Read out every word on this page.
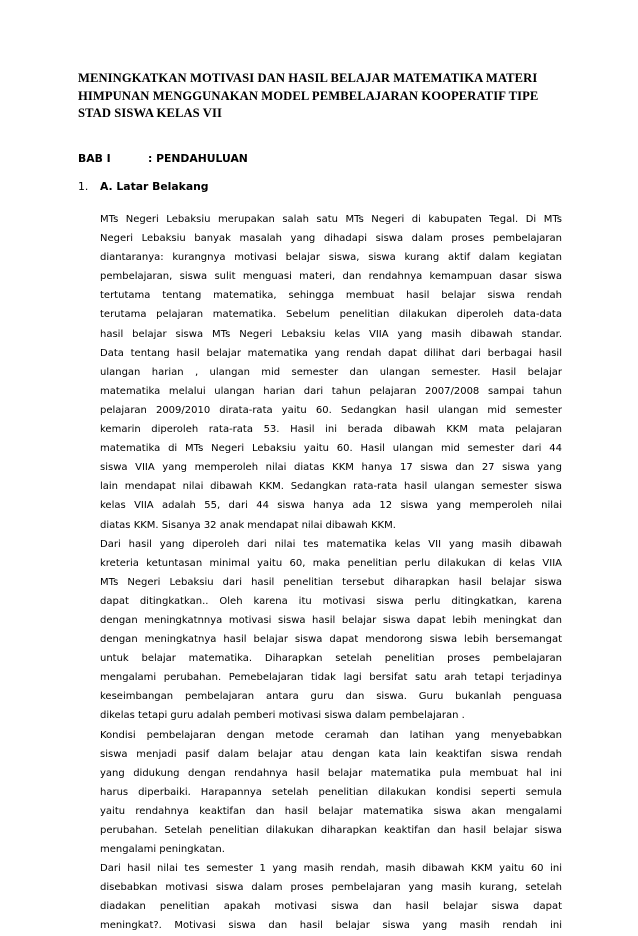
MENINGKATKAN MOTIVASI DAN HASIL BELAJAR MATEMATIKA MATERI
HIMPUNAN MENGGUNAKAN MODEL PEMBELAJARAN KOOPERATIF TIPE
STAD SISWA KELAS VII
BAB I	: PENDAHULUAN
1. A. Latar Belakang
MTs Negeri Lebaksiu merupakan salah satu MTs Negeri di kabupaten Tegal. Di MTs
Negeri Lebaksiu banyak masalah yang dihadapi siswa dalam proses pembelajaran
diantaranya: kurangnya motivasi belajar siswa, siswa kurang aktif dalam kegiatan
pembelajaran, siswa sulit menguasi materi, dan rendahnya kemampuan dasar siswa
tertutama tentang matematika, sehingga membuat hasil belajar siswa rendah
terutama pelajaran matematika. Sebelum penelitian dilakukan diperoleh data-data
hasil belajar siswa MTs Negeri Lebaksiu kelas VIIA yang masih dibawah standar.
Data tentang hasil belajar matematika yang rendah dapat dilihat dari berbagai hasil
ulangan harian , ulangan mid semester dan ulangan semester. Hasil belajar
matematika melalui ulangan harian dari tahun pelajaran 2007/2008 sampai tahun
pelajaran 2009/2010 dirata-rata yaitu 60. Sedangkan hasil ulangan mid semester
kemarin diperoleh rata-rata 53. Hasil ini berada dibawah KKM mata pelajaran
matematika di MTs Negeri Lebaksiu yaitu 60. Hasil ulangan mid semester dari 44
siswa VIIA yang memperoleh nilai diatas KKM hanya 17 siswa dan 27 siswa yang
lain mendapat nilai dibawah KKM. Sedangkan rata-rata hasil ulangan semester siswa
kelas VIIA adalah 55, dari 44 siswa hanya ada 12 siswa yang memperoleh nilai
diatas KKM. Sisanya 32 anak mendapat nilai dibawah KKM.
Dari hasil yang diperoleh dari nilai tes matematika kelas VII yang masih dibawah
kreteria ketuntasan minimal yaitu 60, maka penelitian perlu dilakukan di kelas VIIA
MTs Negeri Lebaksiu dari hasil penelitian tersebut diharapkan hasil belajar siswa
dapat ditingkatkan.. Oleh karena itu motivasi siswa perlu ditingkatkan, karena
dengan meningkatnnya motivasi siswa hasil belajar siswa dapat lebih meningkat dan
dengan meningkatnya hasil belajar siswa dapat mendorong siswa lebih bersemangat
untuk belajar matematika. Diharapkan setelah penelitian proses pembelajaran
mengalami perubahan. Pemebelajaran tidak lagi bersifat satu arah tetapi terjadinya
keseimbangan pembelajaran antara guru dan siswa. Guru bukanlah penguasa
dikelas tetapi guru adalah pemberi motivasi siswa dalam pembelajaran .
Kondisi pembelajaran dengan metode ceramah dan latihan yang menyebabkan
siswa menjadi pasif dalam belajar atau dengan kata lain keaktifan siswa rendah
yang didukung dengan rendahnya hasil belajar matematika pula membuat hal ini
harus diperbaiki. Harapannya setelah penelitian dilakukan kondisi seperti semula
yaitu rendahnya keaktifan dan hasil belajar matematika siswa akan mengalami
perubahan. Setelah penelitian dilakukan diharapkan keaktifan dan hasil belajar siswa
mengalami peningkatan.
Dari hasil nilai tes semester 1 yang masih rendah, masih dibawah KKM yaitu 60 ini
disebabkan motivasi siswa dalam proses pembelajaran yang masih kurang, setelah
diadakan penelitian apakah motivasi siswa dan hasil belajar siswa dapat
meningkat?. Motivasi siswa dan hasil belajar siswa yang masih rendah ini
